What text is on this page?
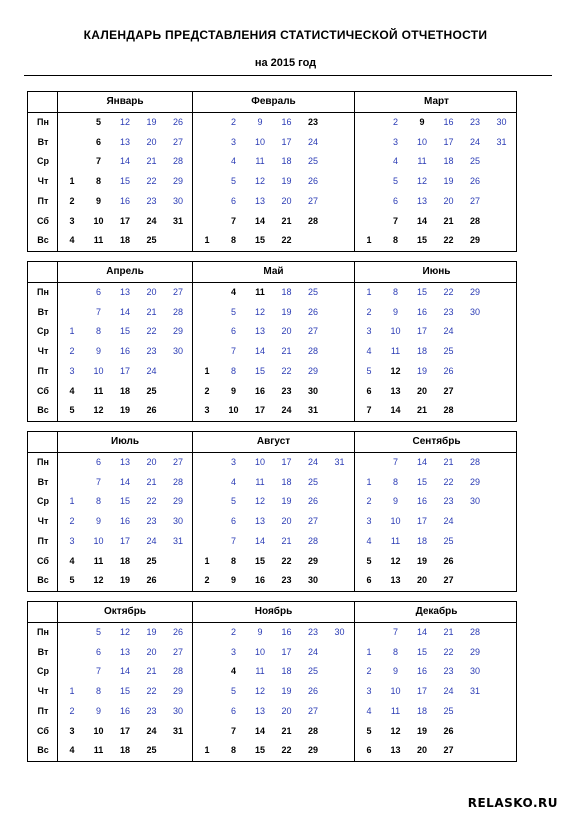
КАЛЕНДАРЬ ПРЕДСТАВЛЕНИЯ СТАТИСТИЧЕСКОЙ ОТЧЕТНОСТИ
на 2015 год
Пн
Вт
Ср
Чт
Пт
Сб
Вс
Январь
1
2
3
4
5
6
7
8
9
10
11
12
13
14
15
16
17
18
19
20
21
22
23
24
25
26
27
28
29
30
31
Февраль
1
2
3
4
5
6
7
8
9
10
11
12
13
14
15
16
17
18
19
20
21
22
23
24
25
26
27
28
Март
1
2
3
4
5
6
7
8
9
10
11
12
13
14
15
16
17
18
19
20
21
22
23
24
25
26
27
28
29
30
31
Пн
Вт
Ср
Чт
Пт
Сб
Вс
Апрель
1
2
3
4
5
6
7
8
9
10
11
12
13
14
15
16
17
18
19
20
21
22
23
24
25
26
27
28
29
30
Май
1
2
3
4
5
6
7
8
9
10
11
12
13
14
15
16
17
18
19
20
21
22
23
24
25
26
27
28
29
30
31
Июнь
1
2
3
4
5
6
7
8
9
10
11
12
13
14
15
16
17
18
19
20
21
22
23
24
25
26
27
28
29
30
Пн
Вт
Ср
Чт
Пт
Сб
Вс
Июль
1
2
3
4
5
6
7
8
9
10
11
12
13
14
15
16
17
18
19
20
21
22
23
24
25
26
27
28
29
30
31
Август
1
2
3
4
5
6
7
8
9
10
11
12
13
14
15
16
17
18
19
20
21
22
23
24
25
26
27
28
29
30
31
Сентябрь
1
2
3
4
5
6
7
8
9
10
11
12
13
14
15
16
17
18
19
20
21
22
23
24
25
26
27
28
29
30
Пн
Вт
Ср
Чт
Пт
Сб
Вс
Октябрь
1
2
3
4
5
6
7
8
9
10
11
12
13
14
15
16
17
18
19
20
21
22
23
24
25
26
27
28
29
30
31
Ноябрь
1
2
3
4
5
6
7
8
9
10
11
12
13
14
15
16
17
18
19
20
21
22
23
24
25
26
27
28
29
30
Декабрь
1
2
3
4
5
6
7
8
9
10
11
12
13
14
15
16
17
18
19
20
21
22
23
24
25
26
27
28
29
30
31
RELASKO.RU
